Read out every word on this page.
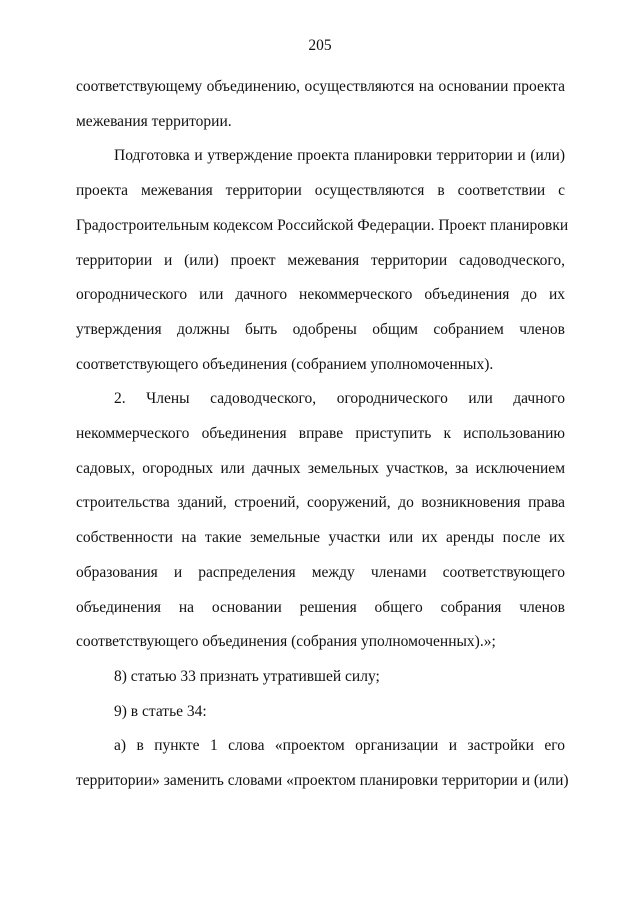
205

соответствующему объединению, осуществляются на основании проекта
межевания территории.

Подготовка и утверждение проекта планировки территории и (или)
проекта межевания территории осуществляются в соответствии с
Градостроительным кодексом Российской Федерации. Проект планировки
территории и (или) проект межевания территории садоводческого,
огороднического или дачного некоммерческого объединения до их
утверждения должны быть одобрены общим собранием членов
соответствующего объединения (собранием уполномоченных).

2. Члены садоводческого, огороднического или дачного
некоммерческого объединения вправе приступить к использованию
садовых, огородных или дачных земельных участков, за исключением
строительства зданий, строений, сооружений, до возникновения права
собственности на такие земельные участки или их аренды после их
образования и распределения между членами соответствующего
объединения на основании решения общего собрания членов
соответствующего объединения (собрания уполномоченных).»;

8) статью 33 признать утратившей силу;

9) в статье 34:

а) в пункте 1 слова «проектом организации и застройки его
территории» заменить словами «проектом планировки территории и (или)
